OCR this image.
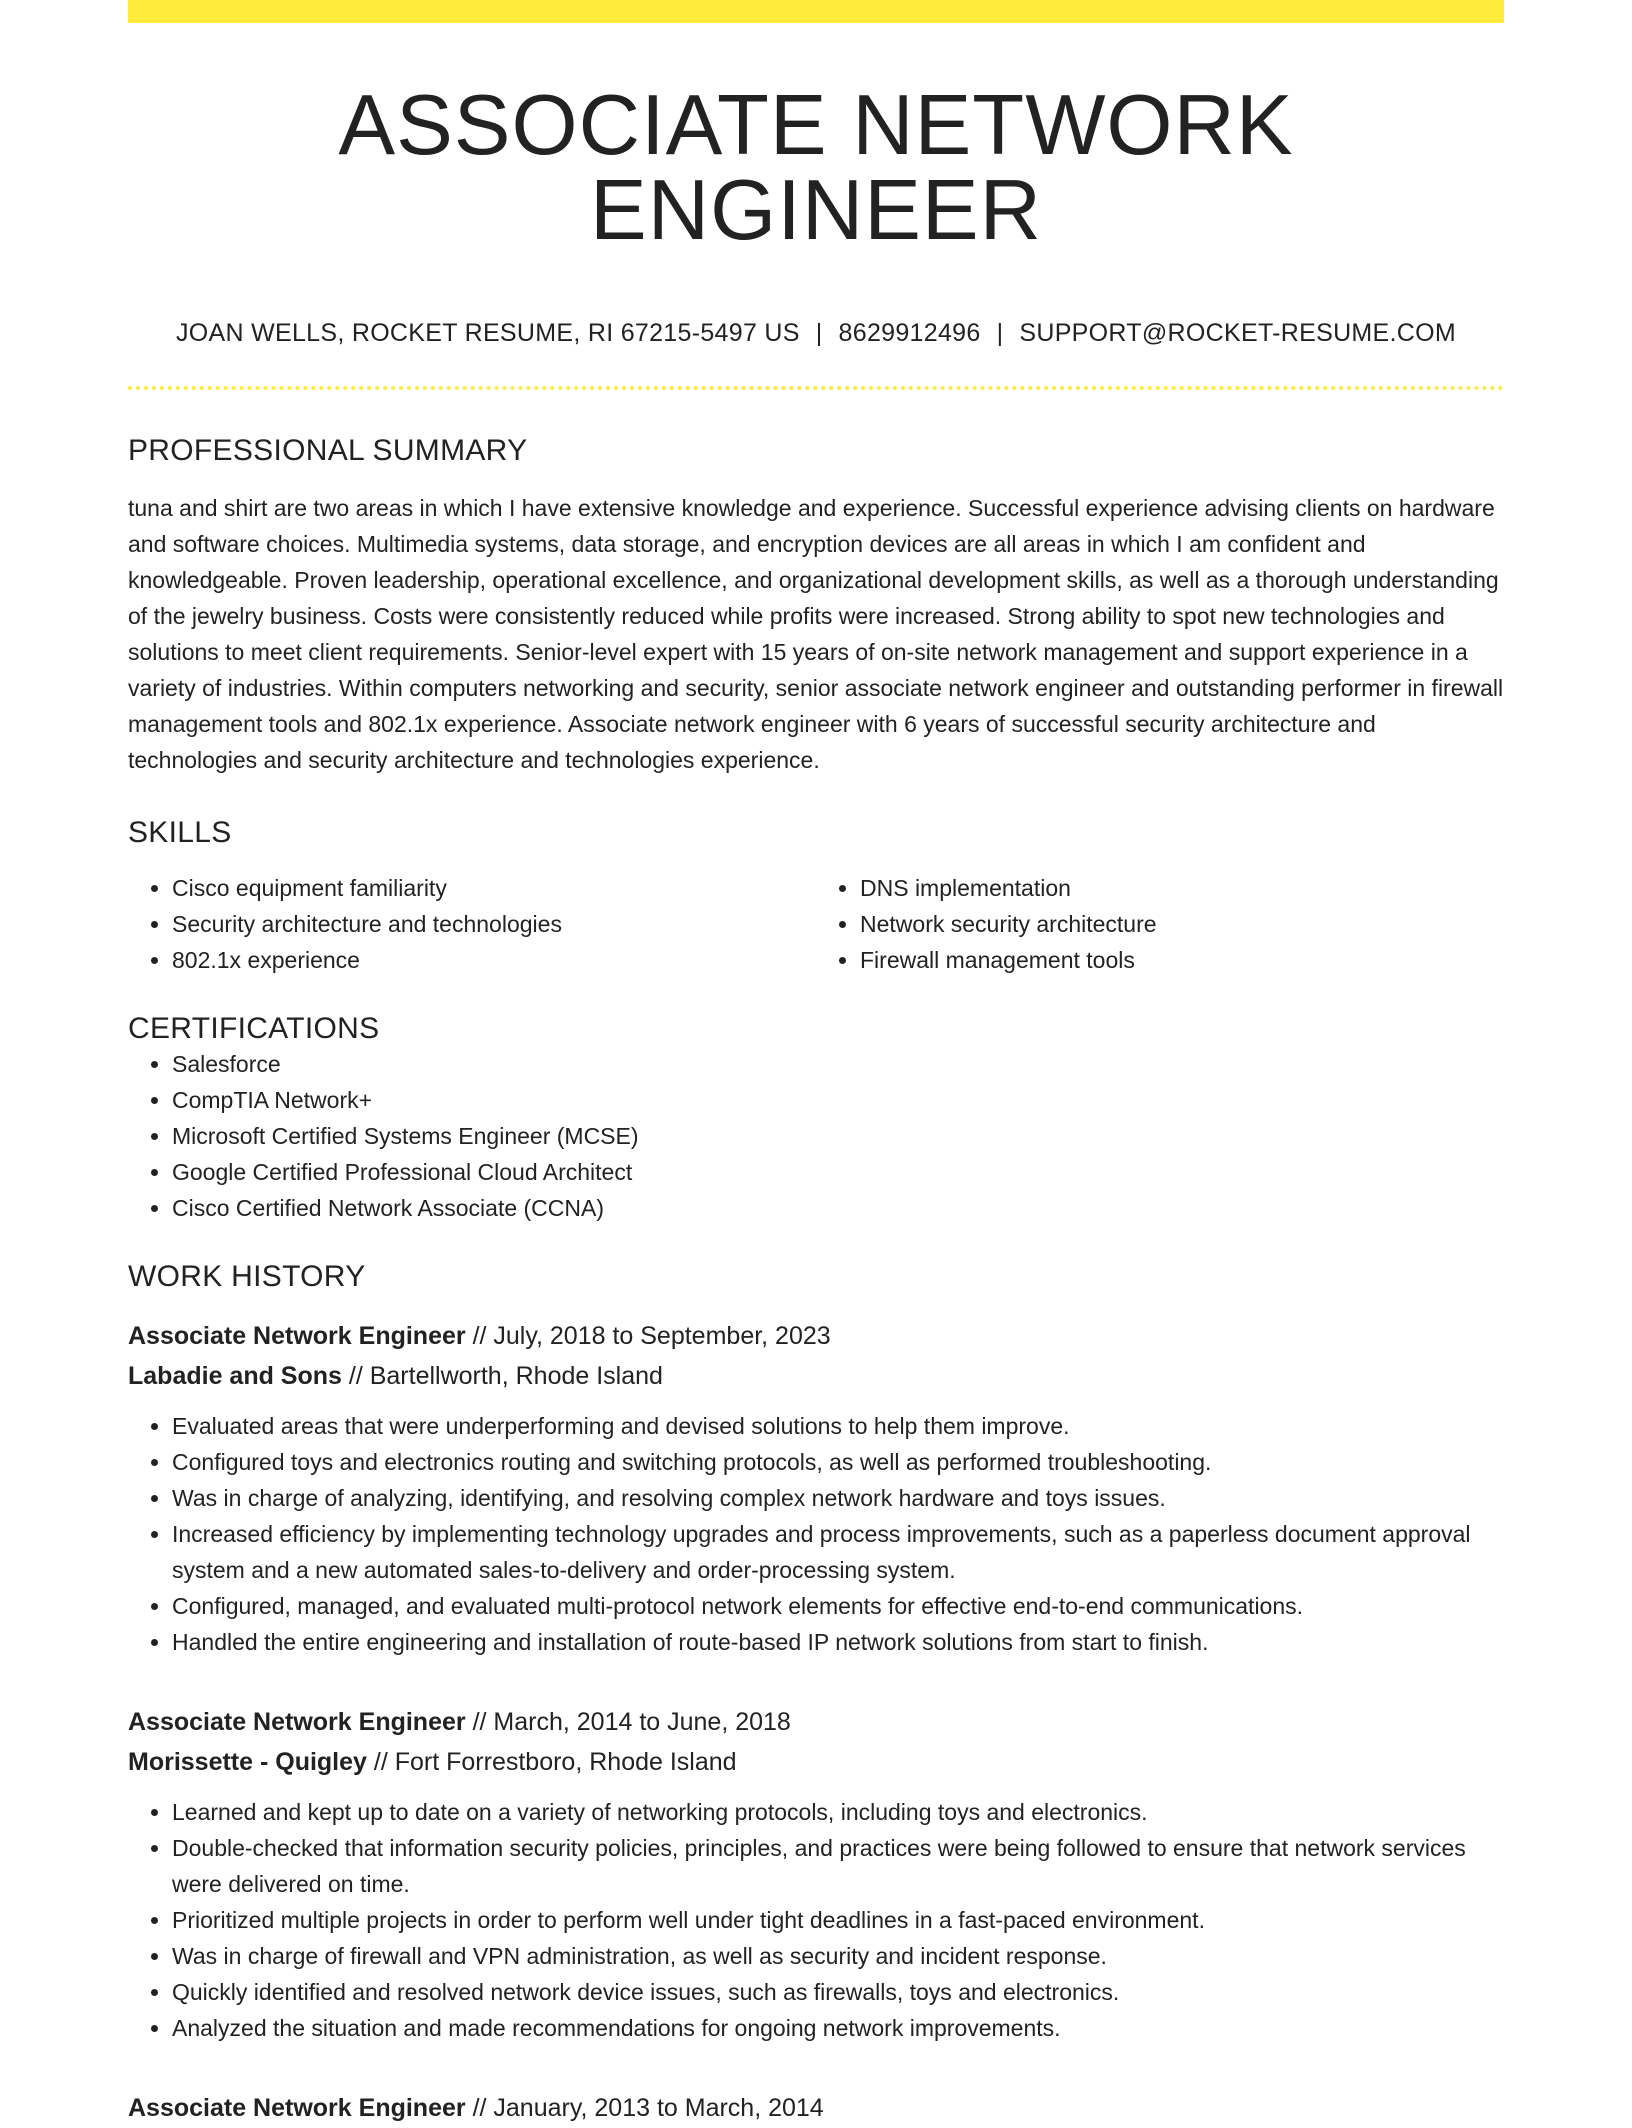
ASSOCIATE NETWORK ENGINEER
JOAN WELLS, ROCKET RESUME, RI 67215-5497 US | 8629912496 | SUPPORT@ROCKET-RESUME.COM
PROFESSIONAL SUMMARY

tuna and shirt are two areas in which I have extensive knowledge and experience. Successful experience advising clients on hardware and software choices. Multimedia systems, data storage, and encryption devices are all areas in which I am confident and knowledgeable. Proven leadership, operational excellence, and organizational development skills, as well as a thorough understanding of the jewelry business. Costs were consistently reduced while profits were increased. Strong ability to spot new technologies and solutions to meet client requirements. Senior-level expert with 15 years of on-site network management and support experience in a variety of industries. Within computers networking and security, senior associate network engineer and outstanding performer in firewall management tools and 802.1x experience. Associate network engineer with 6 years of successful security architecture and technologies and security architecture and technologies experience.

SKILLS
• Cisco equipment familiarity
• Security architecture and technologies
• 802.1x experience
• DNS implementation
• Network security architecture
• Firewall management tools
CERTIFICATIONS
• Salesforce
• CompTIA Network+
• Microsoft Certified Systems Engineer (MCSE)
• Google Certified Professional Cloud Architect
• Cisco Certified Network Associate (CCNA)
WORK HISTORY
Associate Network Engineer // July, 2018 to September, 2023
Labadie and Sons // Bartellworth, Rhode Island
• Evaluated areas that were underperforming and devised solutions to help them improve.
• Configured toys and electronics routing and switching protocols, as well as performed troubleshooting.
• Was in charge of analyzing, identifying, and resolving complex network hardware and toys issues.
• Increased efficiency by implementing technology upgrades and process improvements, such as a paperless document approval system and a new automated sales-to-delivery and order-processing system.
• Configured, managed, and evaluated multi-protocol network elements for effective end-to-end communications.
• Handled the entire engineering and installation of route-based IP network solutions from start to finish.
Associate Network Engineer // March, 2014 to June, 2018
Morissette - Quigley // Fort Forrestboro, Rhode Island
• Learned and kept up to date on a variety of networking protocols, including toys and electronics.
• Double-checked that information security policies, principles, and practices were being followed to ensure that network services were delivered on time.
• Prioritized multiple projects in order to perform well under tight deadlines in a fast-paced environment.
• Was in charge of firewall and VPN administration, as well as security and incident response.
• Quickly identified and resolved network device issues, such as firewalls, toys and electronics.
• Analyzed the situation and made recommendations for ongoing network improvements.
Associate Network Engineer // January, 2013 to March, 2014
